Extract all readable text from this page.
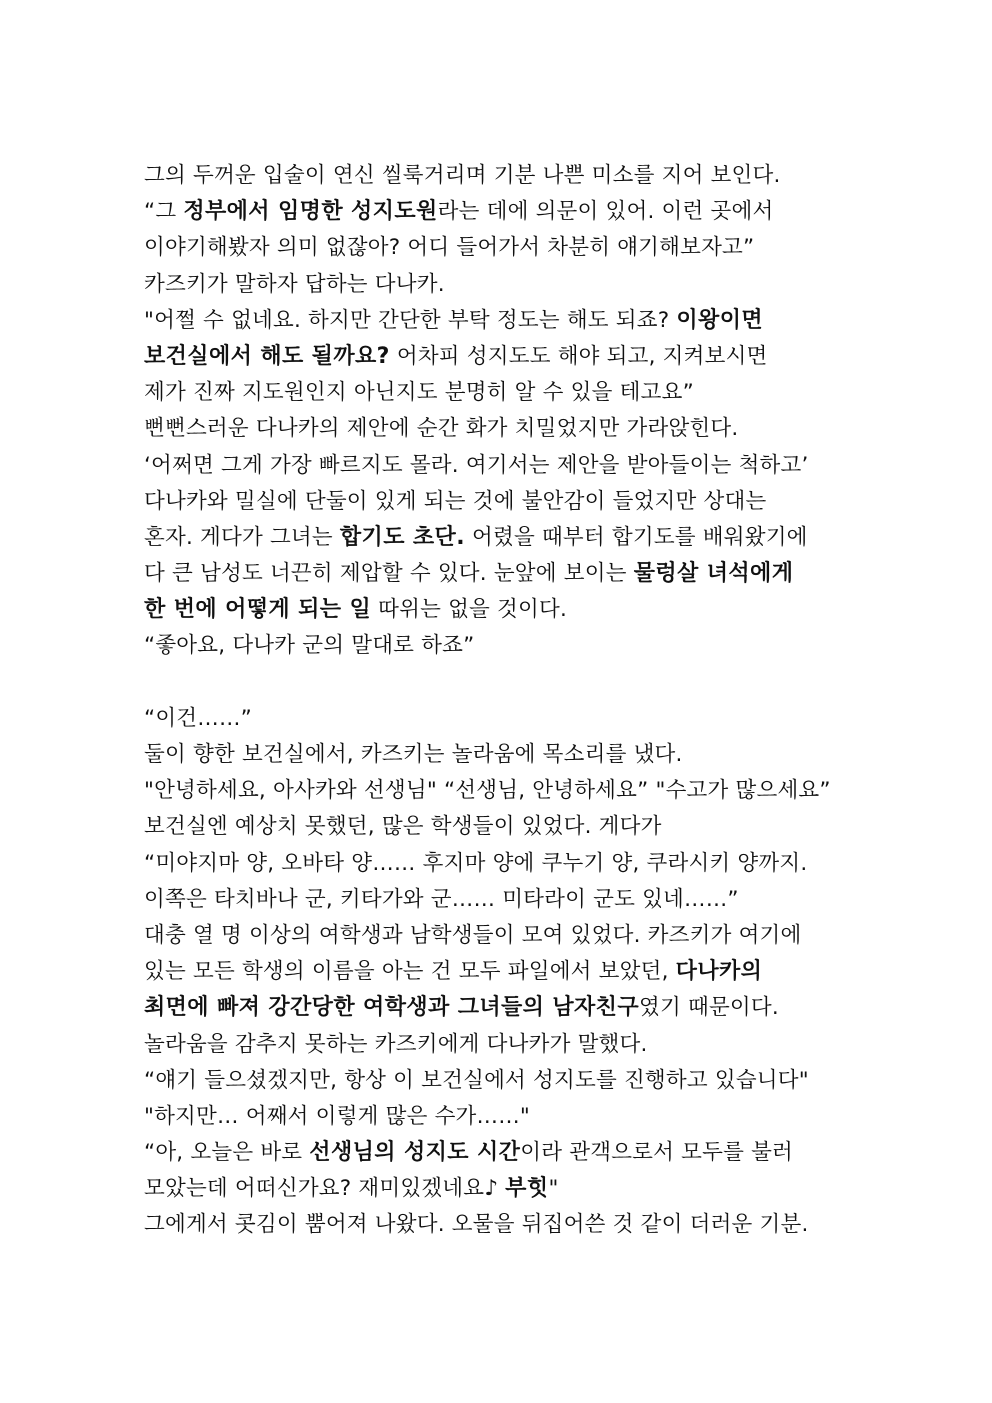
그의 두꺼운 입술이 연신 씰룩거리며 기분 나쁜 미소를 지어 보인다.
“그 정부에서 임명한 성지도원라는 데에 의문이 있어. 이런 곳에서
이야기해봤자 의미 없잖아? 어디 들어가서 차분히 얘기해보자고”
카즈키가 말하자 답하는 다나카.
"어쩔 수 없네요. 하지만 간단한 부탁 정도는 해도 되죠? 이왕이면
보건실에서 해도 될까요? 어차피 성지도도 해야 되고, 지켜보시면
제가 진짜 지도원인지 아닌지도 분명히 알 수 있을 테고요”
뻔뻔스러운 다나카의 제안에 순간 화가 치밀었지만 가라앉힌다.
‘어쩌면 그게 가장 빠르지도 몰라. 여기서는 제안을 받아들이는 척하고’
다나카와 밀실에 단둘이 있게 되는 것에 불안감이 들었지만 상대는
혼자. 게다가 그녀는 합기도 초단. 어렸을 때부터 합기도를 배워왔기에
다 큰 남성도 너끈히 제압할 수 있다. 눈앞에 보이는 물렁살 녀석에게
한 번에 어떻게 되는 일 따위는 없을 것이다.
“좋아요, 다나카 군의 말대로 하죠”
“이건……”
둘이 향한 보건실에서, 카즈키는 놀라움에 목소리를 냈다.
"안녕하세요, 아사카와 선생님" “선생님, 안녕하세요” "수고가 많으세요”
보건실엔 예상치 못했던, 많은 학생들이 있었다. 게다가
“미야지마 양, 오바타 양…… 후지마 양에 쿠누기 양, 쿠라시키 양까지.
이쪽은 타치바나 군, 키타가와 군…… 미타라이 군도 있네……”
대충 열 명 이상의 여학생과 남학생들이 모여 있었다. 카즈키가 여기에
있는 모든 학생의 이름을 아는 건 모두 파일에서 보았던, 다나카의
최면에 빠져 강간당한 여학생과 그녀들의 남자친구였기 때문이다.
놀라움을 감추지 못하는 카즈키에게 다나카가 말했다.
“얘기 들으셨겠지만, 항상 이 보건실에서 성지도를 진행하고 있습니다"
"하지만… 어째서 이렇게 많은 수가……"
“아, 오늘은 바로 선생님의 성지도 시간이라 관객으로서 모두를 불러
모았는데 어떠신가요? 재미있겠네요♪ 부힛"
그에게서 콧김이 뿜어져 나왔다. 오물을 뒤집어쓴 것 같이 더러운 기분.
